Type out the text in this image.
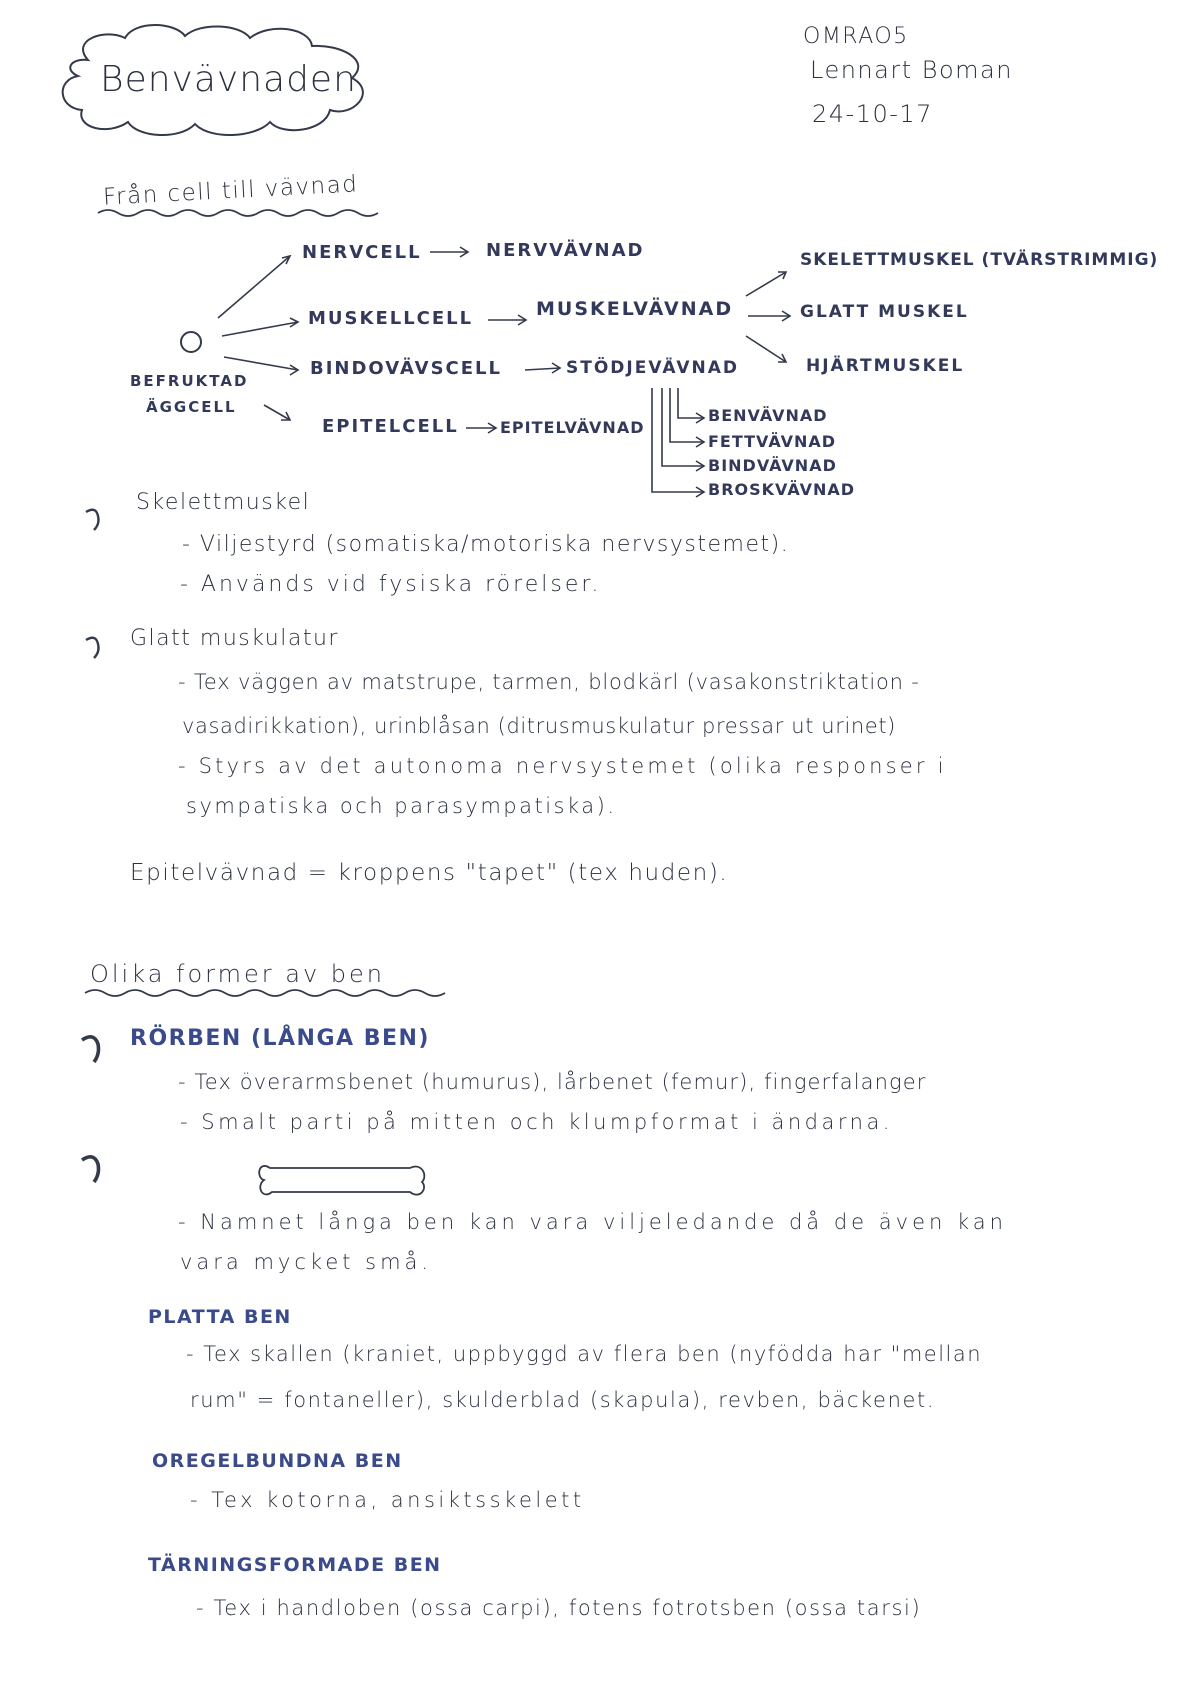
Benvävnaden
OMRAO5
Lennart Boman
24-10-17
Från cell till vävnad
BEFRUKTAD
ÄGGCELL
NERVCELL
MUSKELLCELL
BINDOVÄVSCELL
EPITELCELL
NERVVÄVNAD
MUSKELVÄVNAD
STÖDJEVÄVNAD
EPITELVÄVNAD
SKELETTMUSKEL (TVÄRSTRIMMIG)
GLATT MUSKEL
HJÄRTMUSKEL
BENVÄVNAD
FETTVÄVNAD
BINDVÄVNAD
BROSKVÄVNAD
Skelettmuskel
- Viljestyrd (somatiska/motoriska nervsystemet).
- Används vid fysiska rörelser.
Glatt muskulatur
- Tex väggen av matstrupe, tarmen, blodkärl (vasakonstriktation -
vasadirikkation), urinblåsan (ditrusmuskulatur pressar ut urinet)
- Styrs av det autonoma nervsystemet (olika responser i
sympatiska och parasympatiska).
Epitelvävnad = kroppens "tapet" (tex huden).
Olika former av ben
RÖRBEN (LÅNGA BEN)
- Tex överarmsbenet (humurus), lårbenet (femur), fingerfalanger
- Smalt parti på mitten och klumpformat i ändarna.
- Namnet långa ben kan vara viljeledande då de även kan
vara mycket små.
PLATTA BEN
- Tex skallen (kraniet, uppbyggd av flera ben (nyfödda har "mellan
rum" = fontaneller), skulderblad (skapula), revben, bäckenet.
OREGELBUNDNA BEN
- Tex kotorna, ansiktsskelett
TÄRNINGSFORMADE BEN
- Tex i handloben (ossa carpi), fotens fotrotsben (ossa tarsi)
